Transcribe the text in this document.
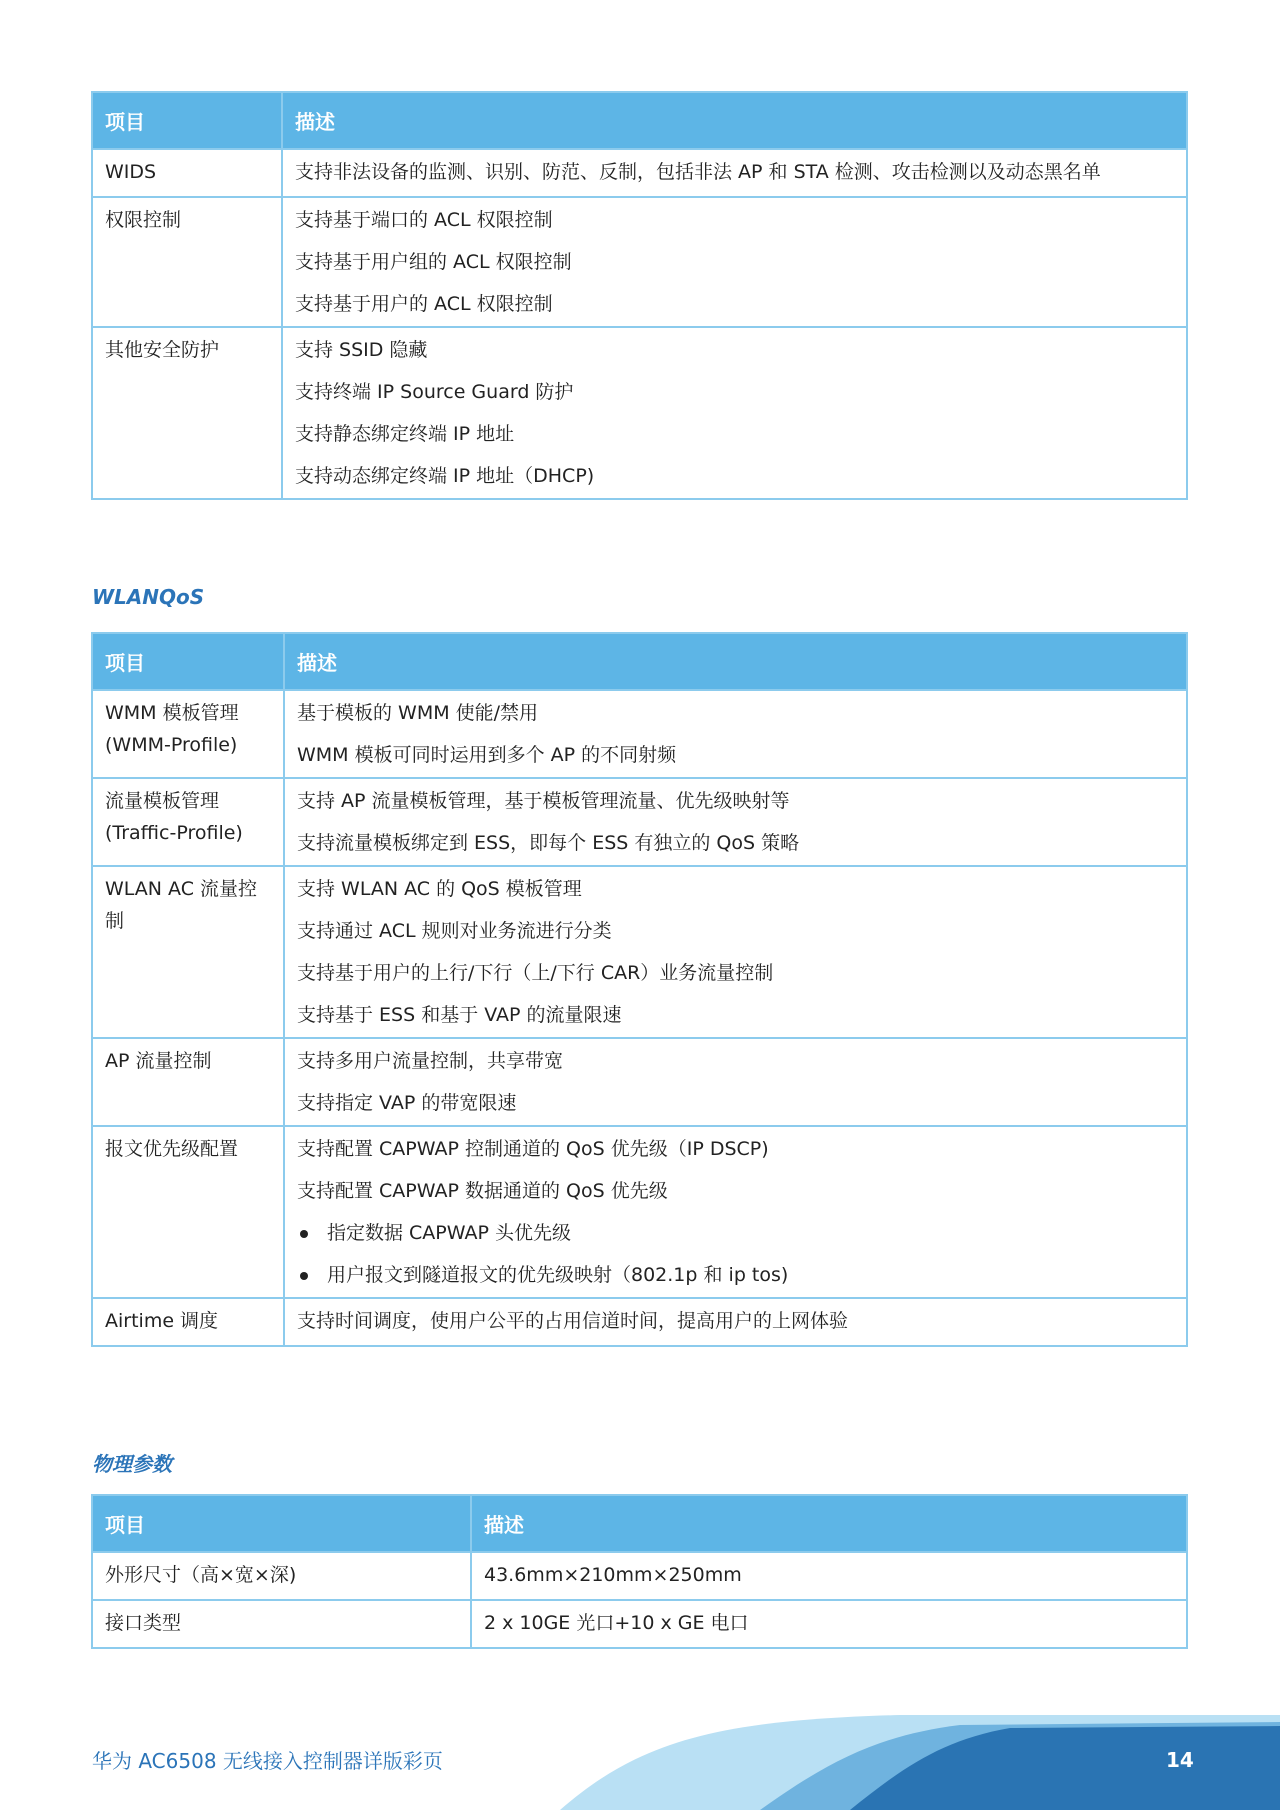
项目	描述
WIDS	支持非法设备的监测、识别、防范、反制，包括非法 AP 和 STA 检测、攻击检测以及动态黑名单

权限控制	支持基于端口的 ACL 权限控制
支持基于用户组的 ACL 权限控制
支持基于用户的 ACL 权限控制

其他安全防护	支持 SSID 隐藏
支持终端 IP Source Guard 防护
支持静态绑定终端 IP 地址
支持动态绑定终端 IP 地址（DHCP)
WLANQoS
项目	描述
WMM 模板管理 (WMM-Profile)	基于模板的 WMM 使能/禁用
WMM 模板可同时运用到多个 AP 的不同射频

流量模板管理 (Traffic-Profile)	支持 AP 流量模板管理，基于模板管理流量、优先级映射等
支持流量模板绑定到 ESS，即每个 ESS 有独立的 QoS 策略

WLAN AC 流量控制	支持 WLAN AC 的 QoS 模板管理
支持通过 ACL 规则对业务流进行分类
支持基于用户的上行/下行（上/下行 CAR）业务流量控制
支持基于 ESS 和基于 VAP 的流量限速

AP 流量控制	支持多用户流量控制，共享带宽
支持指定 VAP 的带宽限速

报文优先级配置	支持配置 CAPWAP 控制通道的 QoS 优先级（IP DSCP)
支持配置 CAPWAP 数据通道的 QoS 优先级
指定数据 CAPWAP 头优先级
用户报文到隧道报文的优先级映射（802.1p 和 ip tos)

Airtime 调度	支持时间调度，使用户公平的占用信道时间，提高用户的上网体验
物理参数
项目	描述
外形尺寸（高×宽×深)	43.6mm×210mm×250mm
接口类型	2 x 10GE 光口+10 x GE 电口
华为 AC6508 无线接入控制器详版彩页	14
